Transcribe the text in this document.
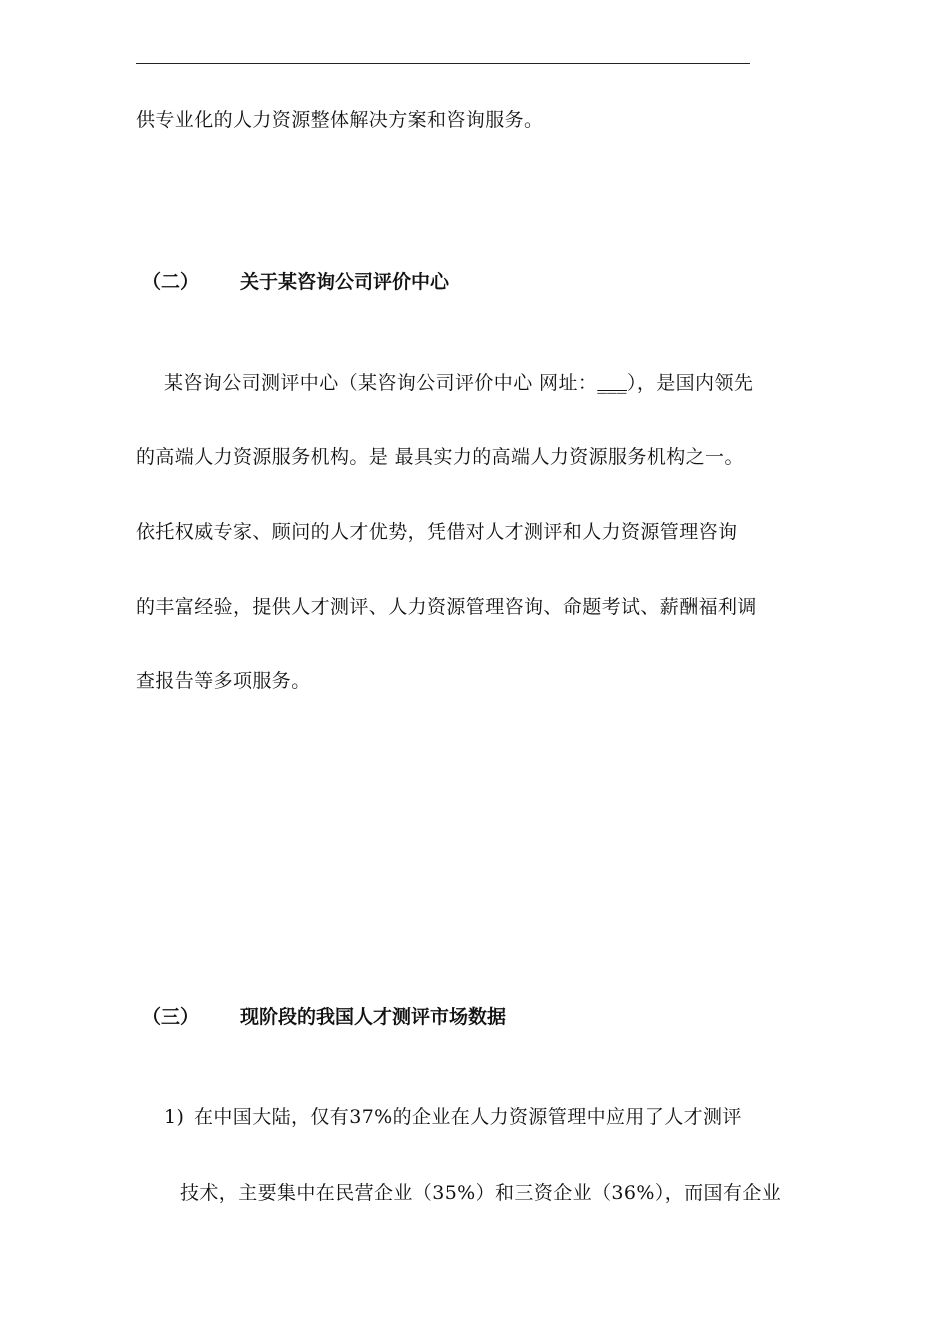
供专业化的人力资源整体解决方案和咨询服务。
（二） 关于某咨询公司评价中心
某咨询公司测评中心（某咨询公司评价中心 网址：___），是国内领先
的高端人力资源服务机构。是 最具实力的高端人力资源服务机构之一。
依托权威专家、顾问的人才优势，凭借对人才测评和人力资源管理咨询
的丰富经验，提供人才测评、人力资源管理咨询、命题考试、薪酬福利调
查报告等多项服务。
（三） 现阶段的我国人才测评市场数据
1) 在中国大陆，仅有37%的企业在人力资源管理中应用了人才测评
技术，主要集中在民营企业（35%）和三资企业（36%），而国有企业
